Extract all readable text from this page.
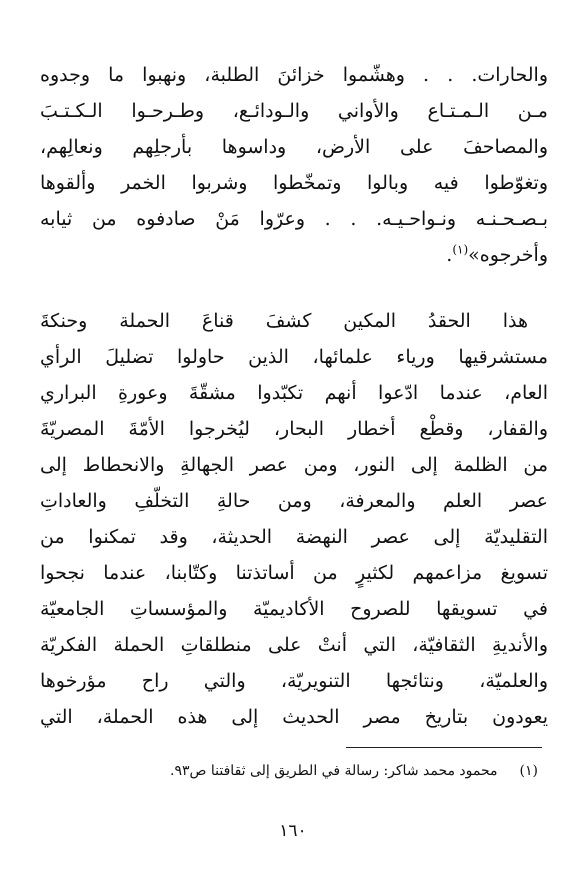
والحارات. . . وهشّموا خزائنَ الطلبة، ونهبوا ما وجدوه
مـن الـمـتـاع والأواني والـودائـع، وطـرحـوا الـكـتـبَ
والمصاحفَ على الأرض، وداسوها بأرجلِهم ونعالِهم،
وتغوّطوا فيه وبالوا وتمخّطوا وشربوا الخمر وألقوها
بـصـحـنـه ونـواحـيـه. . . وعرّوا مَنْ صادفوه من ثيابه
وأخرجوه»$^{(١)}$.
هذا الحقدُ المكين كشفَ قناعَ الحملة وحنكةَ
مستشرقيها ورياء علمائها، الذين حاولوا تضليلَ الرأي
العام، عندما ادّعوا أنهم تكبّدوا مشقّةَ وعورةِ البراري
والقفار، وقطْع أخطار البحار، ليُخرجوا الأمّةَ المصريّةَ
من الظلمة إلى النور، ومن عصر الجهالةِ والانحطاط إلى
عصر العلم والمعرفة، ومن حالةِ التخلّفِ والعاداتِ
التقليديّة إلى عصر النهضة الحديثة، وقد تمكنوا من
تسويغ مزاعمهم لكثيرٍ من أساتذتنا وكتّابنا، عندما نجحوا
في تسويقها للصروح الأكاديميّة والمؤسساتِ الجامعيّة
والأنديةِ الثقافيّة، التي أنتْ على منطلقاتِ الحملة الفكريّة
والعلميّة، ونتائجها التنويريّة، والتي راح مؤرخوها
يعودون بتاريخ مصر الحديث إلى هذه الحملة، التي
(١)
محمود محمد شاكر: رسالة في الطريق إلى ثقافتنا ص٩٣.
١٦٠
